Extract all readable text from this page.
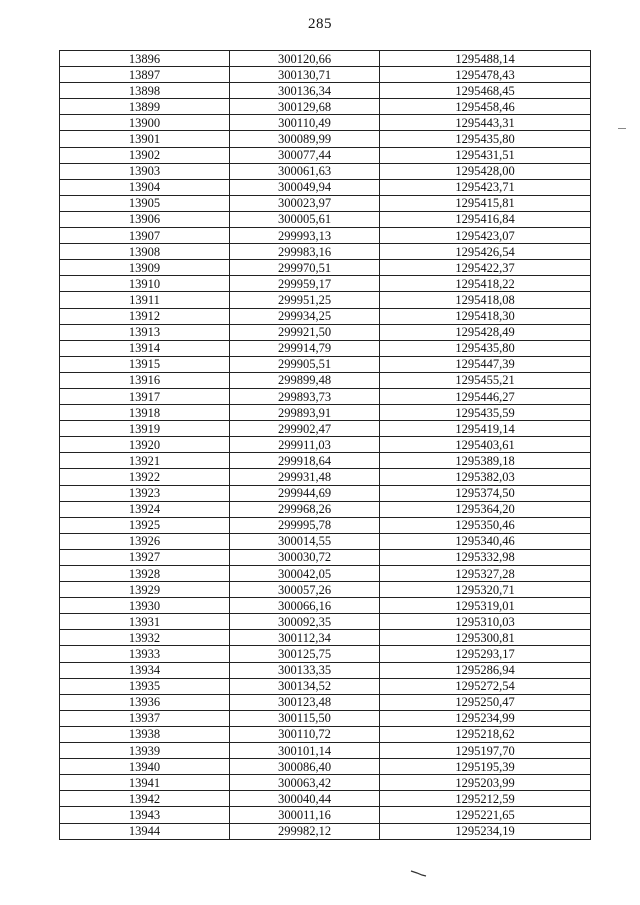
285
13896	300120,66	1295488,14
13897	300130,71	1295478,43
13898	300136,34	1295468,45
13899	300129,68	1295458,46
13900	300110,49	1295443,31
13901	300089,99	1295435,80
13902	300077,44	1295431,51
13903	300061,63	1295428,00
13904	300049,94	1295423,71
13905	300023,97	1295415,81
13906	300005,61	1295416,84
13907	299993,13	1295423,07
13908	299983,16	1295426,54
13909	299970,51	1295422,37
13910	299959,17	1295418,22
13911	299951,25	1295418,08
13912	299934,25	1295418,30
13913	299921,50	1295428,49
13914	299914,79	1295435,80
13915	299905,51	1295447,39
13916	299899,48	1295455,21
13917	299893,73	1295446,27
13918	299893,91	1295435,59
13919	299902,47	1295419,14
13920	299911,03	1295403,61
13921	299918,64	1295389,18
13922	299931,48	1295382,03
13923	299944,69	1295374,50
13924	299968,26	1295364,20
13925	299995,78	1295350,46
13926	300014,55	1295340,46
13927	300030,72	1295332,98
13928	300042,05	1295327,28
13929	300057,26	1295320,71
13930	300066,16	1295319,01
13931	300092,35	1295310,03
13932	300112,34	1295300,81
13933	300125,75	1295293,17
13934	300133,35	1295286,94
13935	300134,52	1295272,54
13936	300123,48	1295250,47
13937	300115,50	1295234,99
13938	300110,72	1295218,62
13939	300101,14	1295197,70
13940	300086,40	1295195,39
13941	300063,42	1295203,99
13942	300040,44	1295212,59
13943	300011,16	1295221,65
13944	299982,12	1295234,19
